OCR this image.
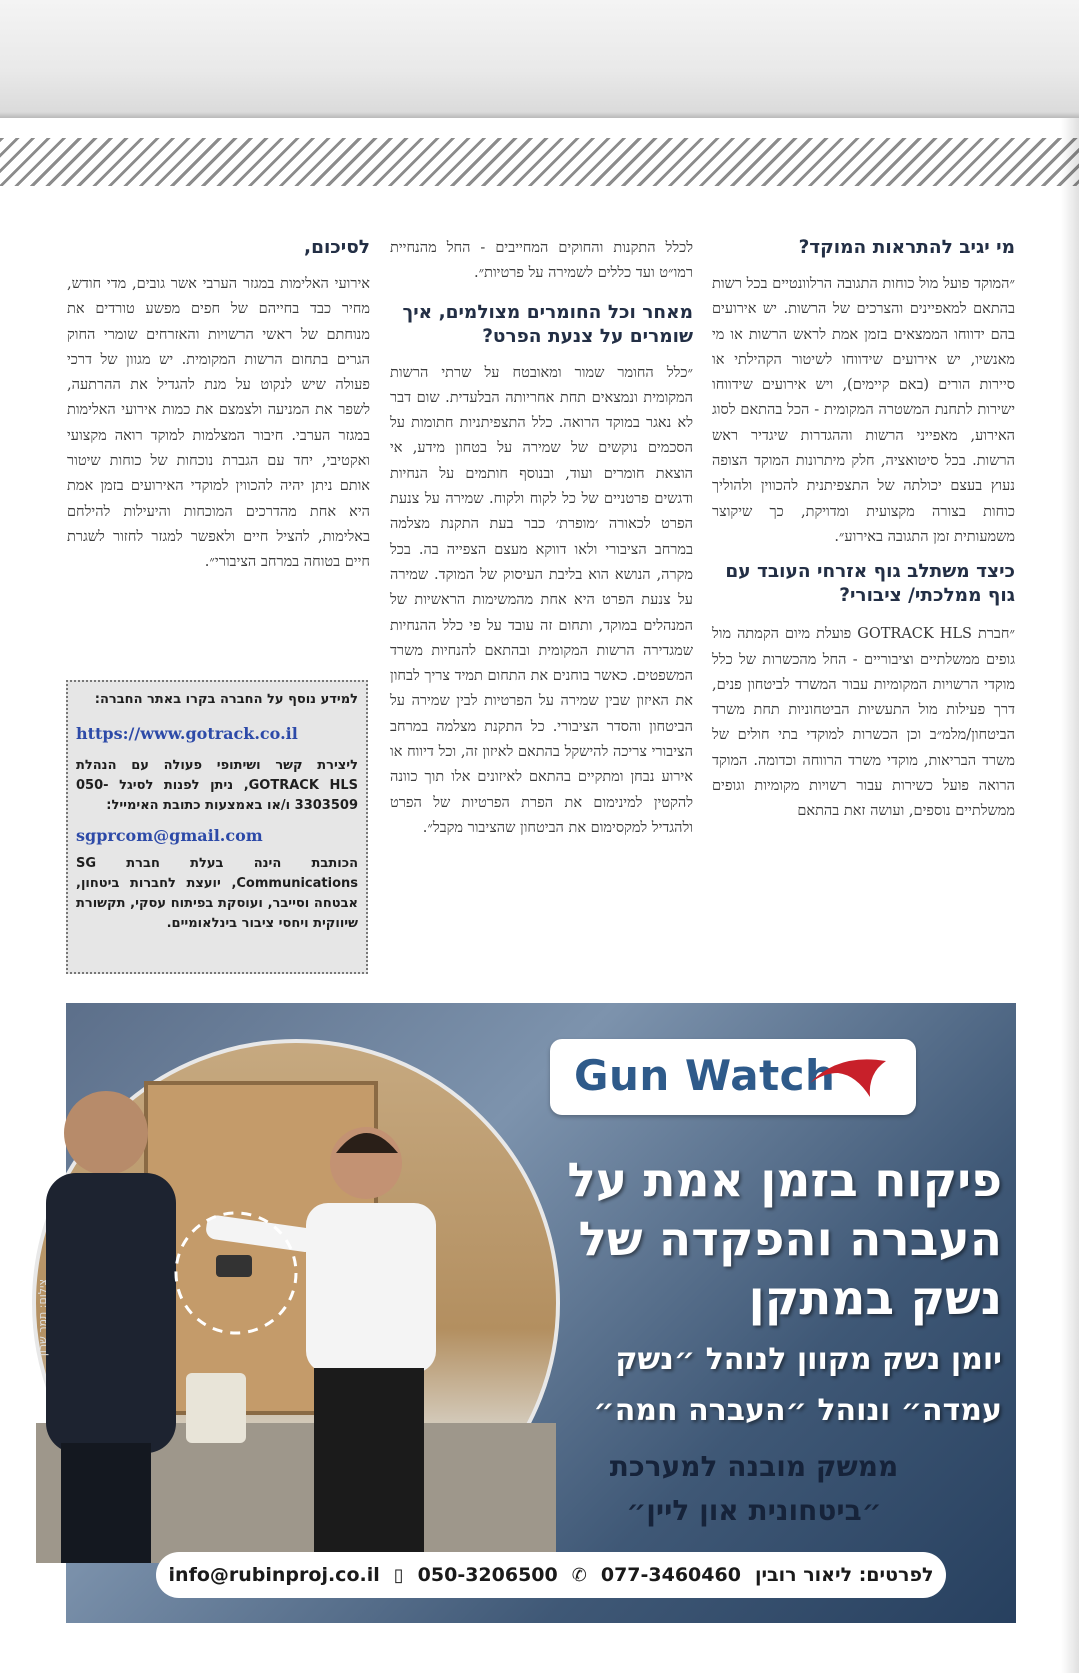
מי יגיב להתראות המוקד?

״המוקד פועל מול כוחות התגובה הרלוונטיים בכל רשות בהתאם למאפיינים והצרכים של הרשות. יש אירועים בהם ידווחו הממצאים בזמן אמת לראש הרשות או מי מאנשיו, יש אירועים שידווחו לשיטור הקהילתי או סיירות הורים (באם קיימים), ויש אירועים שידווחו ישירות לתחנת המשטרה המקומית - הכל בהתאם לסוג האירוע, מאפייני הרשות וההגדרות שיגדיר ראש הרשות. בכל סיטואציה, חלק מיתרונות המוקד הצופה נעוץ בעצם יכולתה של התצפיתנית להכווין ולהוליך כוחות בצורה מקצועית ומדויקת, כך שיקוצר משמעותית זמן התגובה באירוע״.

כיצד משתלב גוף אזרחי העובד עם גוף ממלכתי/ ציבורי?

״חברת GOTRACK HLS פועלת מיום הקמתה מול גופים ממשלתיים וציבוריים - החל מהכשרות של כלל מוקדי הרשויות המקומיות עבור המשרד לביטחון פנים, דרך פעילות מול התעשיות הביטחוניות תחת משרד הביטחון/מלמ״ב וכן הכשרות למוקדי בתי חולים של משרד הבריאות, מוקדי משרד הרווחה וכדומה. המוקד הרואה פועל כשירות עבור רשויות מקומיות וגופים ממשלתיים נוספים, ועושה זאת בהתאם

לכלל התקנות והחוקים המחייבים - החל מהנחיית רמו״ט ועד כללים לשמירה על פרטיות״.

מאחר וכל החומרים מצולמים, איך שומרים על צנעת הפרט?

״כלל החומר שמור ומאובטח על שרתי הרשות המקומית ונמצאים תחת אחריותה הבלעדית. שום דבר לא נאגר במוקד הרואה. כלל התצפיתניות חתומות על הסכמים נוקשים של שמירה על בטחון מידע, אי הוצאת חומרים ועוד, ובנוסף חותמים על הנחיות ודגשים פרטניים של כל לקוח ולקוח. שמירה על צנעת הפרט לכאורה ׳מופרת׳ כבר בעת התקנת מצלמה במרחב הציבורי ולאו דווקא מעצם הצפייה בה. בכל מקרה, הנושא הוא בליבת העיסוק של המוקד. שמירה על צנעת הפרט היא אחת מהמשימות הראשיות של המנהלים במוקד, ותחום זה עובד על פי כלל ההנחיות שמגדירה הרשות המקומית ובהתאם להנחיות משרד המשפטים. כאשר בוחנים את התחום תמיד צריך לבחון את האיזון שבין שמירה על הפרטיות לבין שמירה על הביטחון והסדר הציבורי. כל התקנת מצלמה במרחב הציבורי צריכה להישקל בהתאם לאיזון זה, וכל דיווח או אירוע נבחן ומתקיים בהתאם לאיזונים אלו תוך כוונה להקטין למינימום את הפרת הפרטיות של הפרט ולהגדיל למקסימום את הביטחון שהציבור מקבל״.

לסיכום,

אירועי האלימות במגזר הערבי אשר גובים, מדי חודש, מחיר כבד בחייהם של חפים מפשע טורדים את מנוחתם של ראשי הרשויות והאזרחים שומרי החוק הגרים בתחום הרשות המקומית. יש מגוון של דרכי פעולה שיש לנקוט על מנת להגדיל את ההרתעה, לשפר את המניעה ולצמצם את כמות אירועי האלימות במגזר הערבי. חיבור המצלמות למוקד רואה מקצועי ואקטיבי, יחד עם הגברת נוכחות של כוחות שיטור אותם ניתן יהיה להכווין למוקדי האירועים בזמן אמת היא אחת מהדרכים המוכחות והיעילות להילחם באלימות, להציל חיים ולאפשר למגזר לחזור לשגרת חיים בטוחה במרחב הציבורי״.

למידע נוסף על החברה בקרו באתר החברה:

https://www.gotrack.co.il

ליצירת קשר ושיתופי פעולה עם הנהלת GOTRACK HLS, ניתן לפנות לסיגל 050-3303509 ו/או באמצעות כתובת האימייל:

sgprcom@gmail.com

הכותבת הינה בעלת חברת SG Communications, יועצת לחברות ביטחון, אבטחה וסייבר, ועוסקת בפיתוח עסקי, תקשורת שיווקית ויחסי ציבור בינלאומיים.

צילום: תמר שרון
Gun Watch
פיקוח בזמן אמת על
העברה והפקדה של
נשק במתקן
יומן נשק מקוון לנוהל ״נשק
עמדה״ ונוהל ״העברה חמה״
ממשק מובנה למערכת
״ביטחונית און ליין״
לפרטים: ליאור רובין
077-3460460
✆
050-3206500
▯
info@rubinproj.co.il
